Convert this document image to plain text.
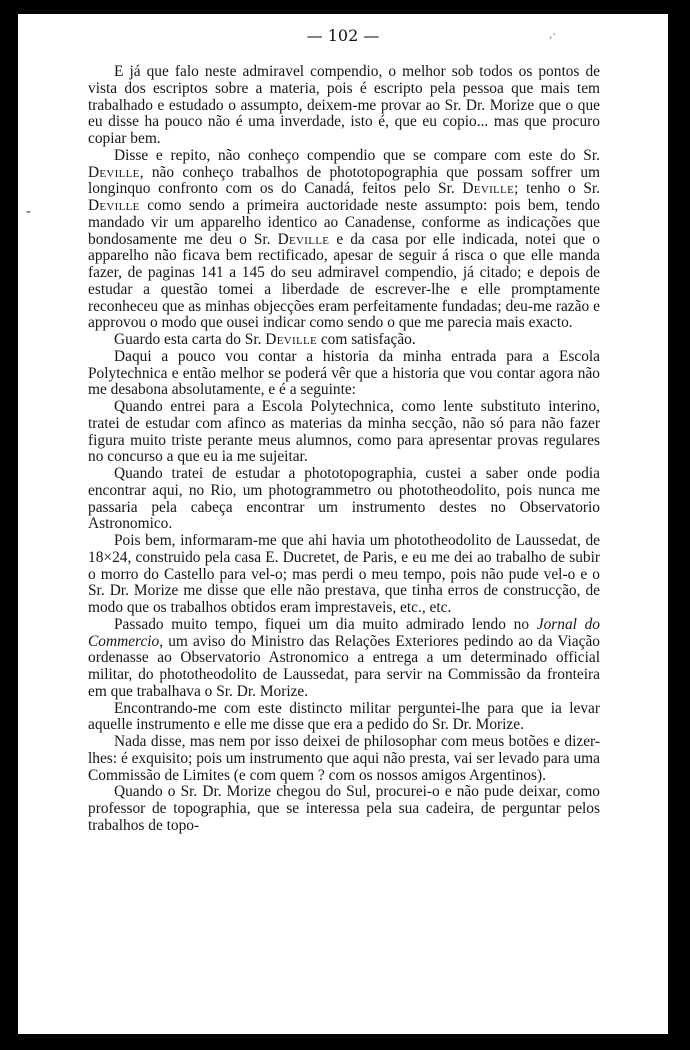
— 102 —	,·
-

E já que falo neste admiravel compendio, o melhor sob todos os pontos de vista dos escriptos sobre a materia, pois é escripto pela pessoa que mais tem trabalhado e estudado o assumpto, deixem-me provar ao Sr. Dr. Morize que o que eu disse ha pouco não é uma inverdade, isto é, que eu copio... mas que procuro copiar bem.

Disse e repito, não conheço compendio que se compare com este do Sr. Deville, não conheço trabalhos de phototopographia que possam soffrer um longinquo confronto com os do Canadá, feitos pelo Sr. Deville; tenho o Sr. Deville como sendo a primeira auctoridade neste assumpto: pois bem, tendo mandado vir um apparelho identico ao Canadense, conforme as indicações que bondosamente me deu o Sr. Deville e da casa por elle indicada, notei que o apparelho não ficava bem rectificado, apesar de seguir á risca o que elle manda fazer, de paginas 141 a 145 do seu admiravel compendio, já citado; e depois de estudar a questão tomei a liberdade de escrever-lhe e elle promptamente reconheceu que as minhas objecções eram perfeitamente fundadas; deu-me razão e approvou o modo que ousei indicar como sendo o que me parecia mais exacto.

Guardo esta carta do Sr. Deville com satisfação.

Daqui a pouco vou contar a historia da minha entrada para a Escola Polytechnica e então melhor se poderá vêr que a historia que vou contar agora não me desabona absolutamente, e é a seguinte:

Quando entrei para a Escola Polytechnica, como lente substituto interino, tratei de estudar com afinco as materias da minha secção, não só para não fazer figura muito triste perante meus alumnos, como para apresentar provas regulares no concurso a que eu ia me sujeitar.

Quando tratei de estudar a phototopographia, custei a saber onde podia encontrar aqui, no Rio, um photogrammetro ou phototheodolito, pois nunca me passaria pela cabeça encontrar um instrumento destes no Observatorio Astronomico.

Pois bem, informaram-me que ahi havia um phototheodolito de Laussedat, de 18×24, construido pela casa E. Ducretet, de Paris, e eu me dei ao trabalho de subir o morro do Castello para vel-o; mas perdi o meu tempo, pois não pude vel-o e o Sr. Dr. Morize me disse que elle não prestava, que tinha erros de construcção, de modo que os trabalhos obtidos eram imprestaveis, etc., etc.

Passado muito tempo, fiquei um dia muito admirado lendo no Jornal do Commercio, um aviso do Ministro das Relações Exteriores pedindo ao da Viação ordenasse ao Observatorio Astronomico a entrega a um determinado official militar, do phototheodolito de Laussedat, para servir na Commissão da fronteira em que trabalhava o Sr. Dr. Morize.

Encontrando-me com este distincto militar perguntei-lhe para que ia levar aquelle instrumento e elle me disse que era a pedido do Sr. Dr. Morize.

Nada disse, mas nem por isso deixei de philosophar com meus botões e dizer-lhes: é exquisito; pois um instrumento que aqui não presta, vai ser levado para uma Commissão de Limites (e com quem ? com os nossos amigos Argentinos).

Quando o Sr. Dr. Morize chegou do Sul, procurei-o e não pude deixar, como professor de topographia, que se interessa pela sua cadeira, de perguntar pelos trabalhos de topo-
